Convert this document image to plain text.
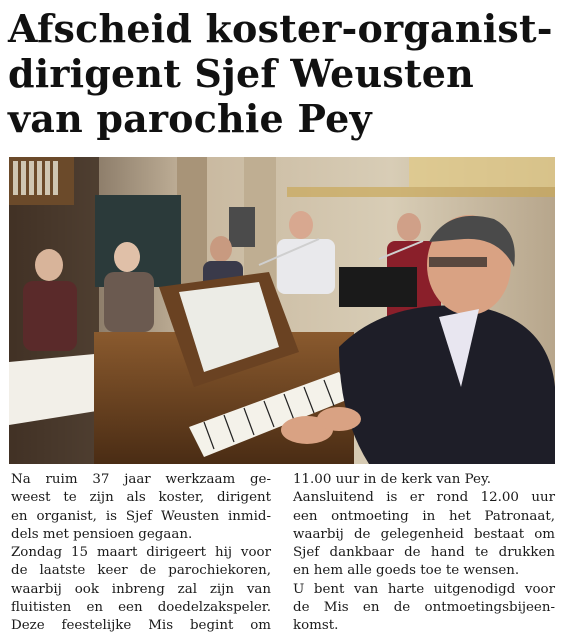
Afscheid koster-organist-
dirigent Sjef Weusten
van parochie Pey

Na ruim 37 jaar werkzaam ge-

weest te zijn als koster, dirigent

en organist, is Sjef Weusten inmid-

dels met pensioen gegaan.

Zondag 15 maart dirigeert hij voor

de laatste keer de parochiekoren,

waarbij ook inbreng zal zijn van

fluitisten en een doedelzakspeler.

Deze feestelijke Mis begint om

11.00 uur in de kerk van Pey.

Aansluitend is er rond 12.00 uur

een ontmoeting in het Patronaat,

waarbij de gelegenheid bestaat om

Sjef dankbaar de hand te drukken

en hem alle goeds toe te wensen.

U bent van harte uitgenodigd voor

de Mis en de ontmoetingsbijeen-

komst.
